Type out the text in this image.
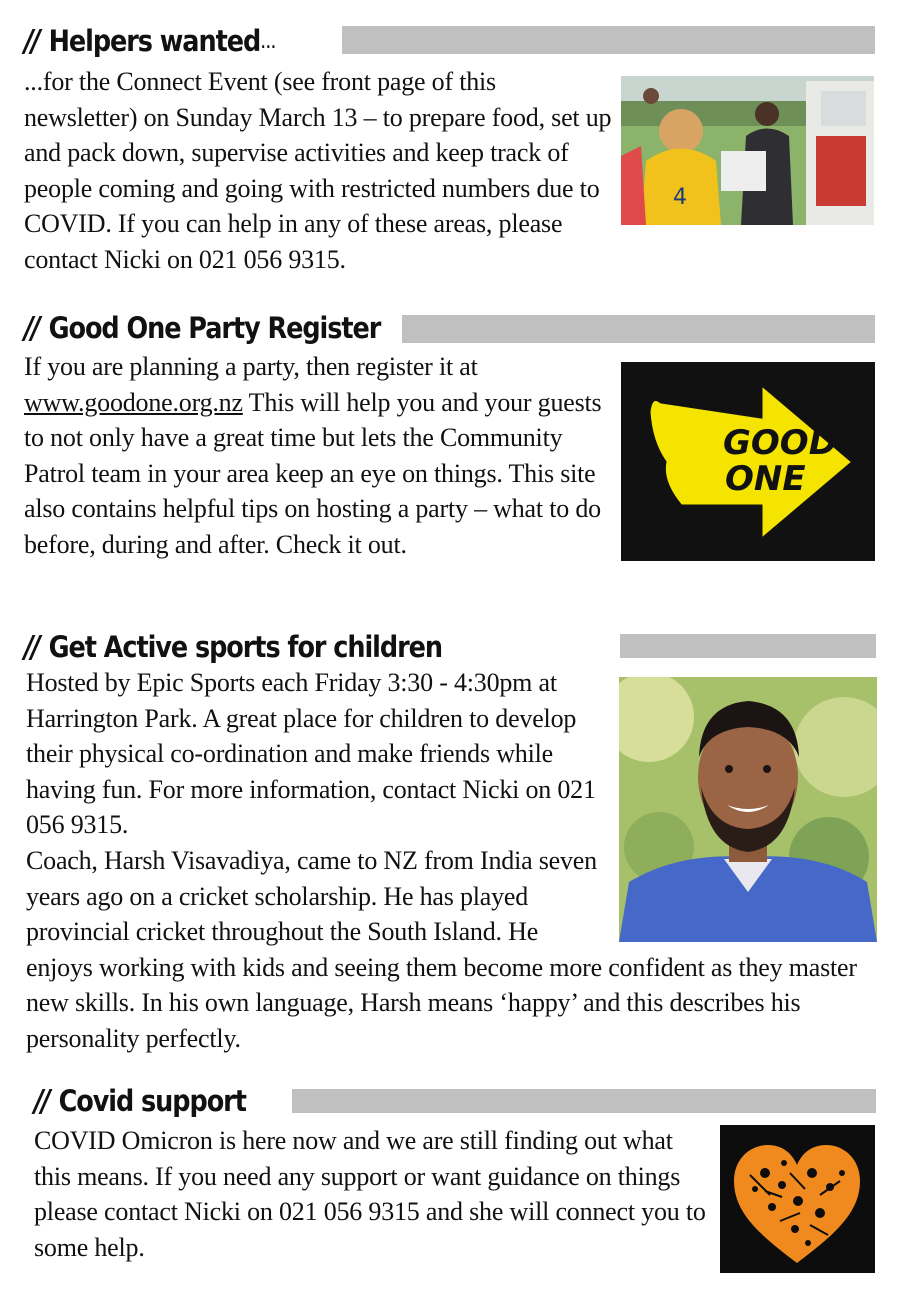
// Helpers wanted ...
...for the Connect Event (see front page of this newsletter) on Sunday March 13 – to prepare food, set up and pack down, supervise activities and keep track of people coming and going with restricted numbers due to COVID. If you can help in any of these areas, please contact Nicki on 021 056 9315.
4
// Good One Party Register
If you are planning a party, then register it at www.goodone.org.nz This will help you and your guests to not only have a great time but lets the Community Patrol team in your area keep an eye on things. This site also contains helpful tips on hosting a party – what to do before, during and after. Check it out.
GOOD
ONE
// Get Active sports for children

Hosted by Epic Sports each Friday 3:30 - 4:30pm at Harrington Park. A great place for children to develop their physical co-ordination and make friends while having fun. For more information, contact Nicki on 021 056 9315.

Coach, Harsh Visavadiya, came to NZ from India seven years ago on a cricket scholarship. He has played provincial cricket throughout the South Island. He enjoys working with kids and seeing them become more confident as they master new skills. In his own language, Harsh means ‘happy’ and this describes his personality perfectly.

// Covid support
COVID Omicron is here now and we are still finding out what this means. If you need any support or want guidance on things please contact Nicki on 021 056 9315 and she will connect you to some help.
